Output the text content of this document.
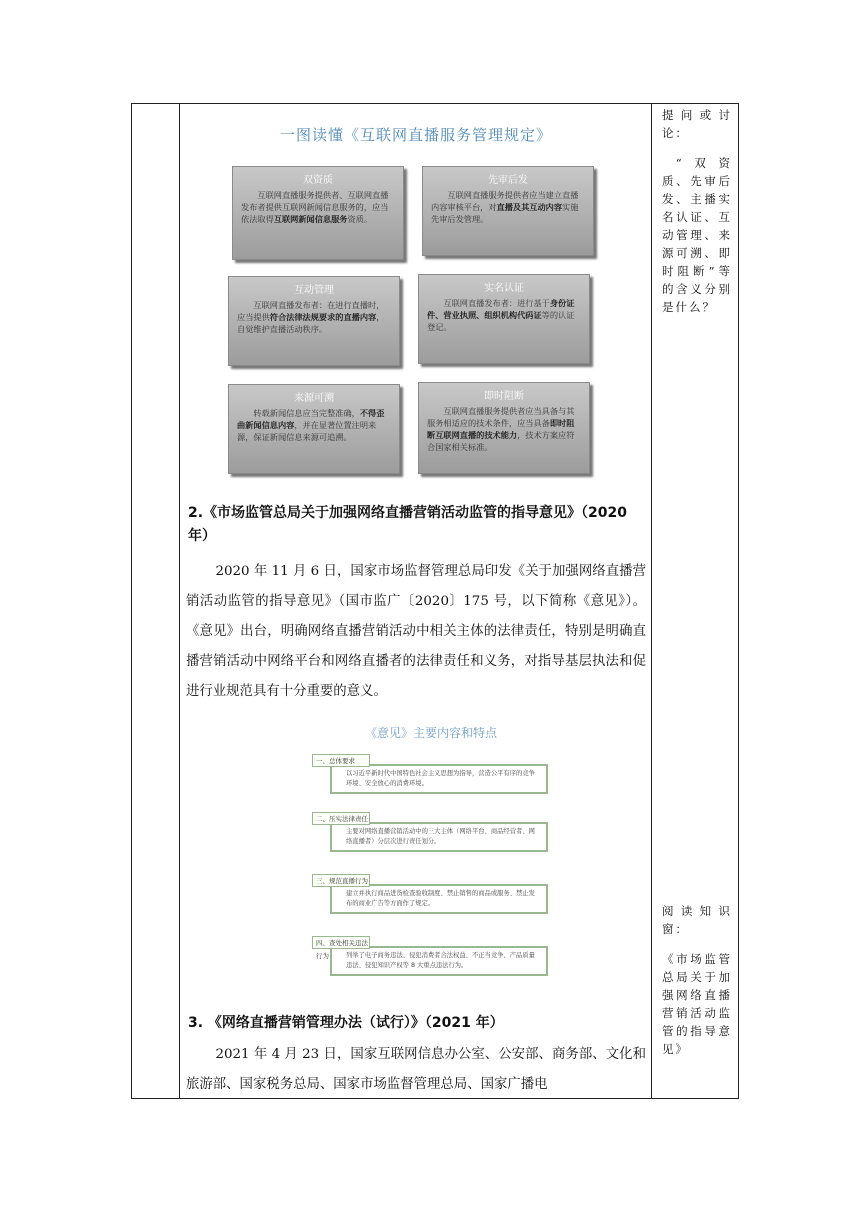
一图读懂《互联网直播服务管理规定》
双资质
互联网直播服务提供者、互联网直播发布者提供互联网新闻信息服务的，应当依法取得互联网新闻信息服务资质。
先审后发
互联网直播服务提供者应当建立直播内容审核平台，对直播及其互动内容实施先审后发管理。
互动管理
互联网直播发布者：在进行直播时，应当提供符合法律法规要求的直播内容，自觉维护直播活动秩序。
实名认证
互联网直播发布者：进行基于身份证件、营业执照、组织机构代码证等的认证登记。
来源可溯
转载新闻信息应当完整准确，不得歪曲新闻信息内容，并在显著位置注明来源，保证新闻信息来源可追溯。
即时阻断
互联网直播服务提供者应当具备与其服务相适应的技术条件，应当具备即时阻断互联网直播的技术能力，技术方案应符合国家相关标准。
2.《市场监管总局关于加强网络直播营销活动监管的指导意见》（2020年）
2020 年 11 月 6 日，国家市场监督管理总局印发《关于加强网络直播营销活动监管的指导意见》（国市监广〔2020〕175 号，以下简称《意见》）。《意见》出台，明确网络直播营销活动中相关主体的法律责任，特别是明确直播营销活动中网络平台和网络直播者的法律责任和义务，对指导基层执法和促进行业规范具有十分重要的意义。
《意见》主要内容和特点
以习近平新时代中国特色社会主义思想为指导，营造公平有序的竞争环境、安全放心的消费环境。
一、总体要求
主要对网络直播营销活动中的三大主体（网络平台、商品经营者、网络直播者）分层次进行责任划分。
二、压实法律责任
建立并执行商品进货检查验收制度、禁止销售的商品或服务、禁止发布的商业广告等方面作了规定。
三、规范直播行为
列举了电子商务违法、侵犯消费者合法权益、不正当竞争、产品质量违法、侵犯知识产权等 8 大重点违法行为。
四、查处相关违法行为
3. 《网络直播营销管理办法（试行）》（2021 年）
2021 年 4 月 23 日，国家互联网信息办公室、公安部、商务部、文化和旅游部、国家税务总局、国家市场监督管理总局、国家广播电
提问或讨论：
“双资质、先审后发、主播实名认证、互动管理、来源可溯、即时阻断”等的含义分别是什么？
阅读知识窗：
《市场监管总局关于加强网络直播营销活动监管的指导意见》
